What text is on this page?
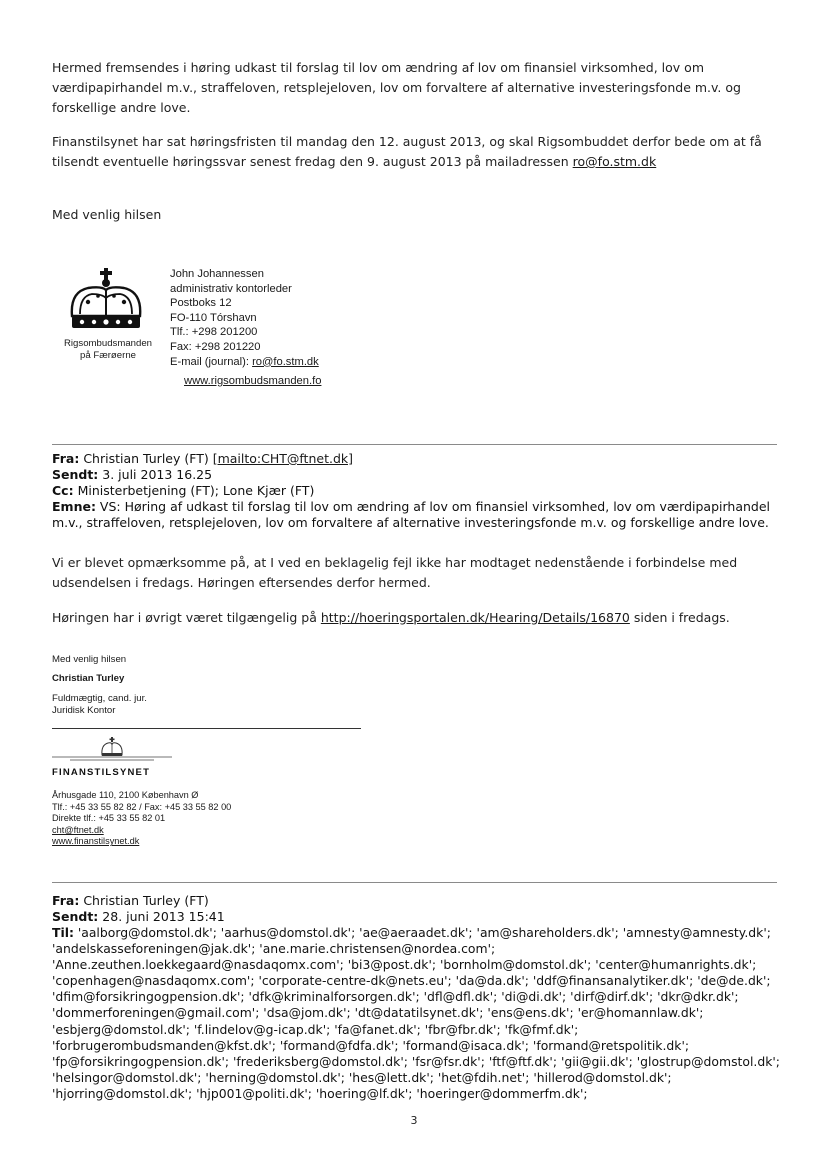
Hermed fremsendes i høring udkast til forslag til lov om ændring af lov om finansiel virksomhed, lov om værdipapirhandel m.v., straffeloven, retsplejeloven, lov om forvaltere af alternative investeringsfonde m.v. og forskellige andre love.

Finanstilsynet har sat høringsfristen til mandag den 12. august 2013, og skal Rigsombuddet derfor bede om at få tilsendt eventuelle høringssvar senest fredag den 9. august 2013 på mailadressen ro@fo.stm.dk

Med venlig hilsen

Rigsombudsmanden
på Færøerne
John Johannessen
administrativ kontorleder
Postboks 12
FO-110 Tórshavn
Tlf.: +298 201200
Fax: +298 201220
E-mail (journal): ro@fo.stm.dk
www.rigsombudsmanden.fo
Fra: Christian Turley (FT) [mailto:CHT@ftnet.dk]
Sendt: 3. juli 2013 16.25
Cc: Ministerbetjening (FT); Lone Kjær (FT)
Emne: VS: Høring af udkast til forslag til lov om ændring af lov om finansiel virksomhed, lov om værdipapirhandel m.v., straffeloven, retsplejeloven, lov om forvaltere af alternative investeringsfonde m.v. og forskellige andre love.

Vi er blevet opmærksomme på, at I ved en beklagelig fejl ikke har modtaget nedenstående i forbindelse med udsendelsen i fredags. Høringen eftersendes derfor hermed.

Høringen har i øvrigt været tilgængelig på http://hoeringsportalen.dk/Hearing/Details/16870 siden i fredags.

Med venlig hilsen
Christian Turley
Fuldmægtig, cand. jur.
Juridisk Kontor
FINANSTILSYNET
Århusgade 110, 2100 København Ø
Tlf.: +45 33 55 82 82 / Fax: +45 33 55 82 00
Direkte tlf.: +45 33 55 82 01
cht@ftnet.dk
www.finanstilsynet.dk
Fra: Christian Turley (FT)
Sendt: 28. juni 2013 15:41
Til: 'aalborg@domstol.dk'; 'aarhus@domstol.dk'; 'ae@aeraadet.dk'; 'am@shareholders.dk'; 'amnesty@amnesty.dk'; 'andelskasseforeningen@jak.dk'; 'ane.marie.christensen@nordea.com'; 'Anne.zeuthen.loekkegaard@nasdaqomx.com'; 'bi3@post.dk'; 'bornholm@domstol.dk'; 'center@humanrights.dk'; 'copenhagen@nasdaqomx.com'; 'corporate-centre-dk@nets.eu'; 'da@da.dk'; 'ddf@finansanalytiker.dk'; 'de@de.dk'; 'dfim@forsikringogpension.dk'; 'dfk@kriminalforsorgen.dk'; 'dfl@dfl.dk'; 'di@di.dk'; 'dirf@dirf.dk'; 'dkr@dkr.dk'; 'dommerforeningen@gmail.com'; 'dsa@jom.dk'; 'dt@datatilsynet.dk'; 'ens@ens.dk'; 'er@homannlaw.dk'; 'esbjerg@domstol.dk'; 'f.lindelov@g-icap.dk'; 'fa@fanet.dk'; 'fbr@fbr.dk'; 'fk@fmf.dk'; 'forbrugerombudsmanden@kfst.dk'; 'formand@fdfa.dk'; 'formand@isaca.dk'; 'formand@retspolitik.dk'; 'fp@forsikringogpension.dk'; 'frederiksberg@domstol.dk'; 'fsr@fsr.dk'; 'ftf@ftf.dk'; 'gii@gii.dk'; 'glostrup@domstol.dk'; 'helsingor@domstol.dk'; 'herning@domstol.dk'; 'hes@lett.dk'; 'het@fdih.net'; 'hillerod@domstol.dk'; 'hjorring@domstol.dk'; 'hjp001@politi.dk'; 'hoering@lf.dk'; 'hoeringer@dommerfm.dk';
3
